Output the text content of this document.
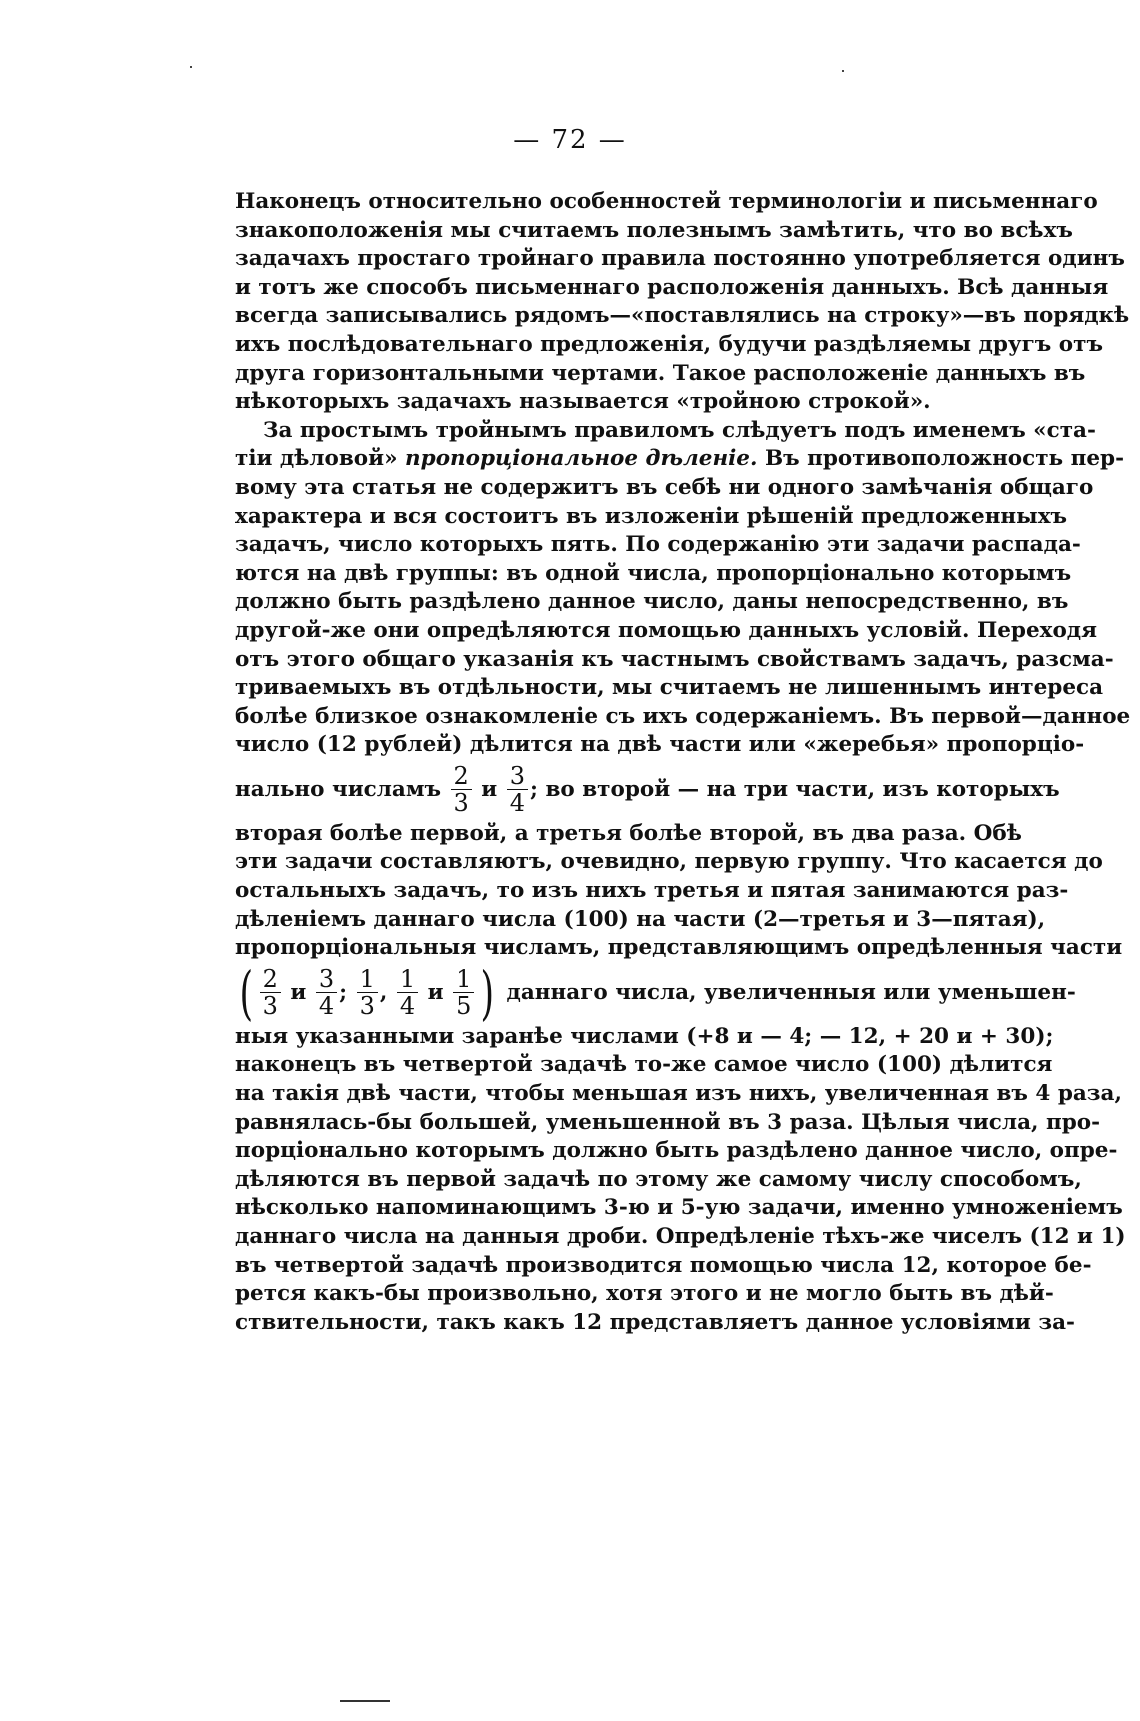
— 72 —
Наконецъ относительно особенностей терминологіи и письменнаго
знакоположенія мы считаемъ полезнымъ замѣтить, что во всѣхъ
задачахъ простаго тройнаго правила постоянно употребляется одинъ
и тотъ же способъ письменнаго расположенія данныхъ. Всѣ данныя
всегда записывались рядомъ—«поставлялись на строку»—въ порядкѣ
ихъ послѣдовательнаго предложенія, будучи раздѣляемы другъ отъ
друга горизонтальными чертами. Такое расположеніе данныхъ въ
нѣкоторыхъ задачахъ называется «тройною строкой».
За простымъ тройнымъ правиломъ слѣдуетъ подъ именемъ «ста-
тіи дѣловой» пропорціональное дѣленіе. Въ противоположность пер-
вому эта статья не содержитъ въ себѣ ни одного замѣчанія общаго
характера и вся состоитъ въ изложеніи рѣшеній предложенныхъ
задачъ, число которыхъ пять. По содержанію эти задачи распада-
ются на двѣ группы: въ одной числа, пропорціонально которымъ
должно быть раздѣлено данное число, даны непосредственно, въ
другой-же они опредѣляются помощью данныхъ условій. Переходя
отъ этого общаго указанія къ частнымъ свойствамъ задачъ, разсма-
триваемыхъ въ отдѣльности, мы считаемъ не лишеннымъ интереса
болѣе близкое ознакомленіе съ ихъ содержаніемъ. Въ первой—данное
число (12 рублей) дѣлится на двѣ части или «жеребья» пропорціо-
нально числамъ $\frac{2}{3}$ и $\frac{3}{4}$ ; во второй — на три части, изъ которыхъ
вторая болѣе первой, а третья болѣе второй, въ два раза. Обѣ
эти задачи составляютъ, очевидно, первую группу. Что касается до
остальныхъ задачъ, то изъ нихъ третья и пятая занимаются раз-
дѣленіемъ даннаго числа (100) на части (2—третья и 3—пятая),
пропорціональныя числамъ, представляющимъ опредѣленныя части
( $\frac{2}{3}$ и $\frac{3}{4}$ ; $\frac{1}{3}$ , $\frac{1}{4}$ и $\frac{1}{5}$ ) даннаго числа, увеличенныя или уменьшен-
ныя указанными заранѣе числами (+8 и — 4; — 12, + 20 и + 30);
наконецъ въ четвертой задачѣ то-же самое число (100) дѣлится
на такія двѣ части, чтобы меньшая изъ нихъ, увеличенная въ 4 раза,
равнялась-бы большей, уменьшенной въ 3 раза. Цѣлыя числа, про-
порціонально которымъ должно быть раздѣлено данное число, опре-
дѣляются въ первой задачѣ по этому же самому числу способомъ,
нѣсколько напоминающимъ 3-ю и 5-ую задачи, именно умноженіемъ
даннаго числа на данныя дроби. Опредѣленіе тѣхъ-же чиселъ (12 и 1)
въ четвертой задачѣ производится помощью числа 12, которое бе-
рется какъ-бы произвольно, хотя этого и не могло быть въ дѣй-
ствительности, такъ какъ 12 представляетъ данное условіями за-
